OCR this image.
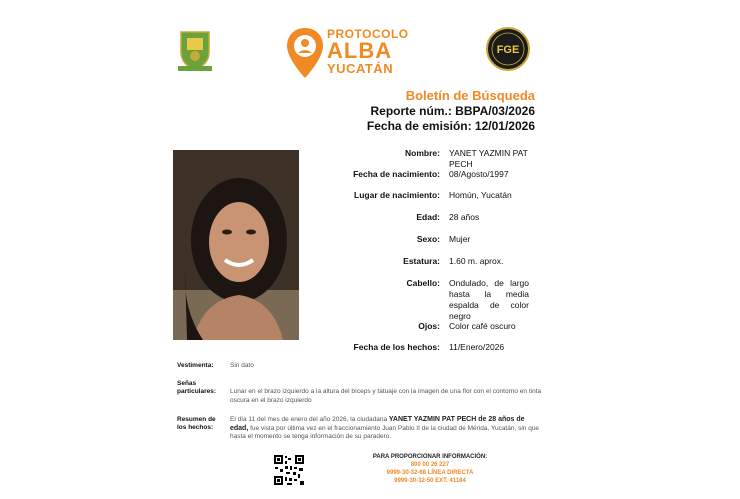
PROTOCOLO
ALBA
YUCATÁN
FGE
Boletín de Búsqueda
Reporte núm.: BBPA/03/2026
Fecha de emisión: 12/01/2026
Nombre: YANET YAZMIN PAT PECH
Fecha de nacimiento: 08/Agosto/1997
Lugar de nacimiento: Homún, Yucatán
Edad: 28 años
Sexo: Mujer
Estatura: 1.60 m. aprox.
Cabello: Ondulado, de largo hasta la media espalda de color negro
Ojos: Color café oscuro
Fecha de los hechos: 11/Enero/2026
Vestimenta:	Sin dato
Señas particulares:	Lunar en el brazo izquierdo a la altura del bíceps y tatuaje con la imagen de una flor con el contorno en tinta oscura en el brazo izquierdo
Resumen de los hechos:
El día 11 del mes de enero del año 2026, la ciudadana YANET YAZMIN PAT PECH de 28 años de edad, fue vista por última vez en el fraccionamiento Juan Pablo II de la ciudad de Mérida, Yucatán, sin que hasta el momento se tenga información de su paradero.
PARA PROPORCIONAR INFORMACIÓN:
800 00 26 227
9999-30-32-68 LÍNEA DIRECTA
9999-30-32-50 EXT. 41184
